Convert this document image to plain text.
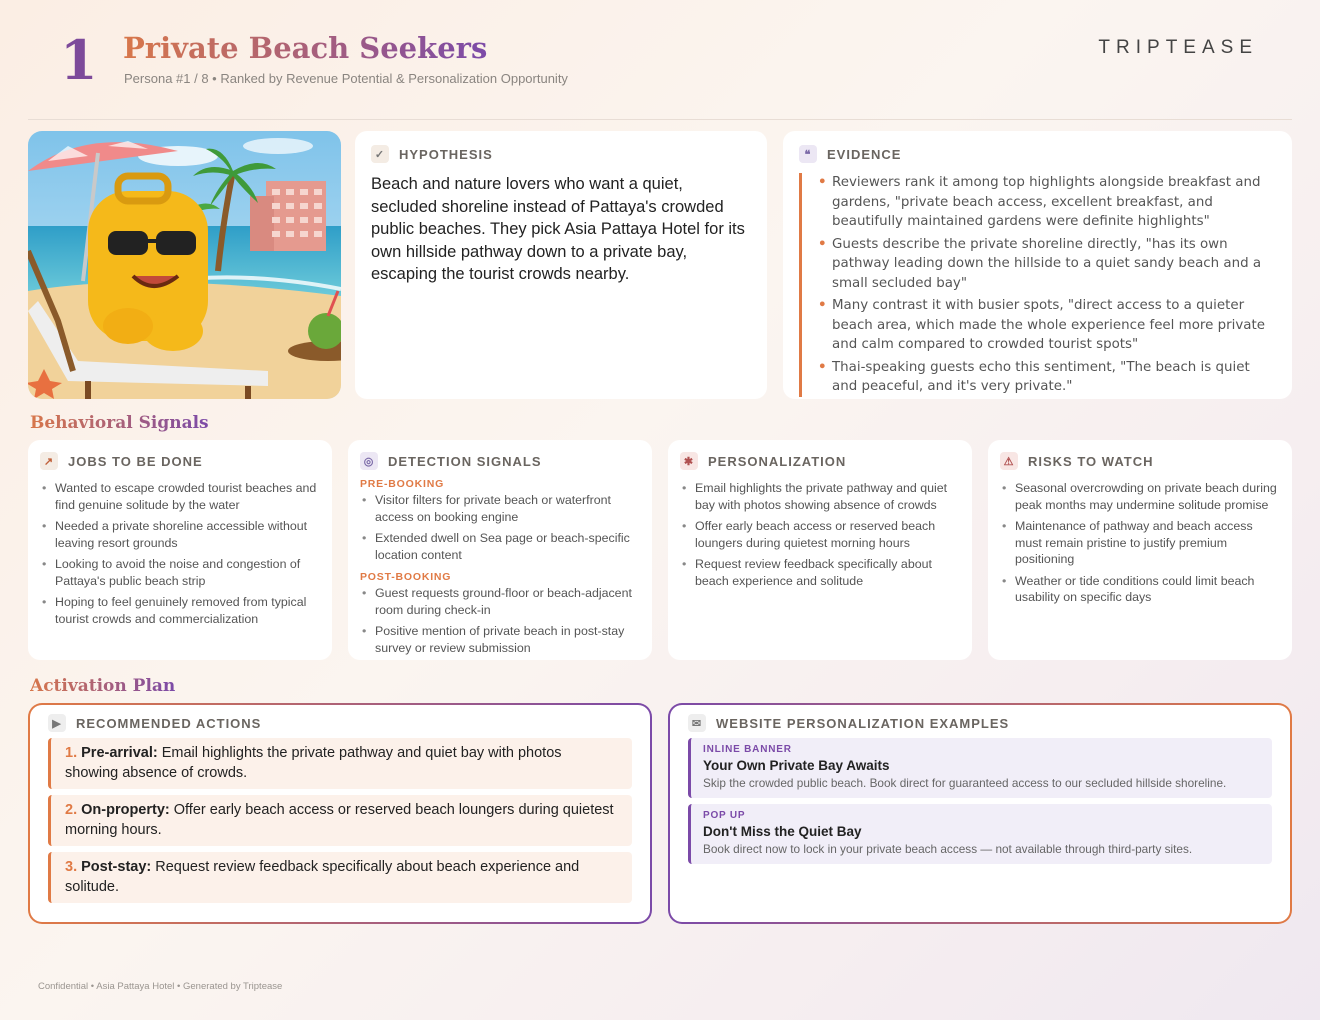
1 Private Beach Seekers
Persona #1 / 8 • Ranked by Revenue Potential & Personalization Opportunity
TRIPTEASE
✓ HYPOTHESIS
Beach and nature lovers who want a quiet, secluded shoreline instead of Pattaya's crowded public beaches. They pick Asia Pattaya Hotel for its own hillside pathway down to a private bay, escaping the tourist crowds nearby.
❝	EVIDENCE
• Reviewers rank it among top highlights alongside breakfast and gardens, "private beach access, excellent breakfast, and beautifully maintained gardens were definite highlights"
• Guests describe the private shoreline directly, "has its own pathway leading down the hillside to a quiet sandy beach and a small secluded bay"
• Many contrast it with busier spots, "direct access to a quieter beach area, which made the whole experience feel more private and calm compared to crowded tourist spots"
• Thai-speaking guests echo this sentiment, "The beach is quiet and peaceful, and it's very private."
Behavioral Signals
↗ JOBS TO BE DONE
• Wanted to escape crowded tourist beaches and find genuine solitude by the water
• Needed a private shoreline accessible without leaving resort grounds
• Looking to avoid the noise and congestion of Pattaya's public beach strip
• Hoping to feel genuinely removed from typical tourist crowds and commercialization
◎ DETECTION SIGNALS
PRE-BOOKING
• Visitor filters for private beach or waterfront access on booking engine
• Extended dwell on Sea page or beach-specific location content
POST-BOOKING
• Guest requests ground-floor or beach-adjacent room during check-in
• Positive mention of private beach in post-stay survey or review submission
✱ PERSONALIZATION
• Email highlights the private pathway and quiet bay with photos showing absence of crowds
• Offer early beach access or reserved beach loungers during quietest morning hours
• Request review feedback specifically about beach experience and solitude
⚠ RISKS TO WATCH
• Seasonal overcrowding on private beach during peak months may undermine solitude promise
• Maintenance of pathway and beach access must remain pristine to justify premium positioning
• Weather or tide conditions could limit beach usability on specific days
Activation Plan
▶	RECOMMENDED ACTIONS
1. Pre-arrival: Email highlights the private pathway and quiet bay with photos showing absence of crowds.
2. On-property: Offer early beach access or reserved beach loungers during quietest morning hours.
3. Post-stay: Request review feedback specifically about beach experience and solitude.
✉ WEBSITE PERSONALIZATION EXAMPLES
INLINE BANNER
Your Own Private Bay Awaits
Skip the crowded public beach. Book direct for guaranteed access to our secluded hillside shoreline.
POP UP
Don't Miss the Quiet Bay
Book direct now to lock in your private beach access — not available through third-party sites.
Confidential • Asia Pattaya Hotel • Generated by Triptease
